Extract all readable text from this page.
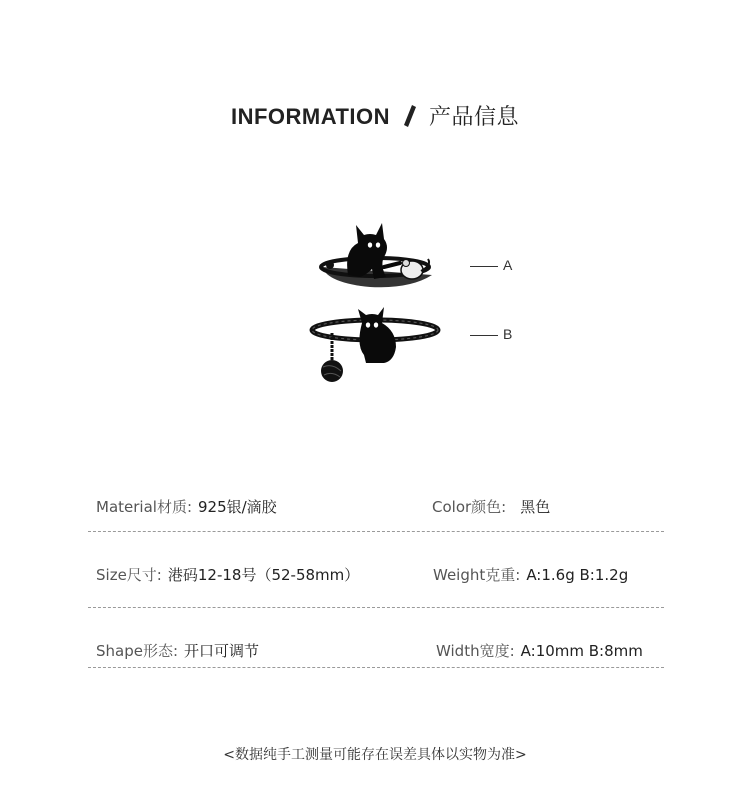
INFORMATION 产品信息
A
B
Material材质: 925银/滴胶	Color颜色: 黑色
Size尺寸: 港码12-18号（52-58mm）	Weight克重: A:1.6g B:1.2g
Shape形态: 开口可调节	Width宽度: A:10mm B:8mm
<数据纯手工测量可能存在误差具体以实物为准>
